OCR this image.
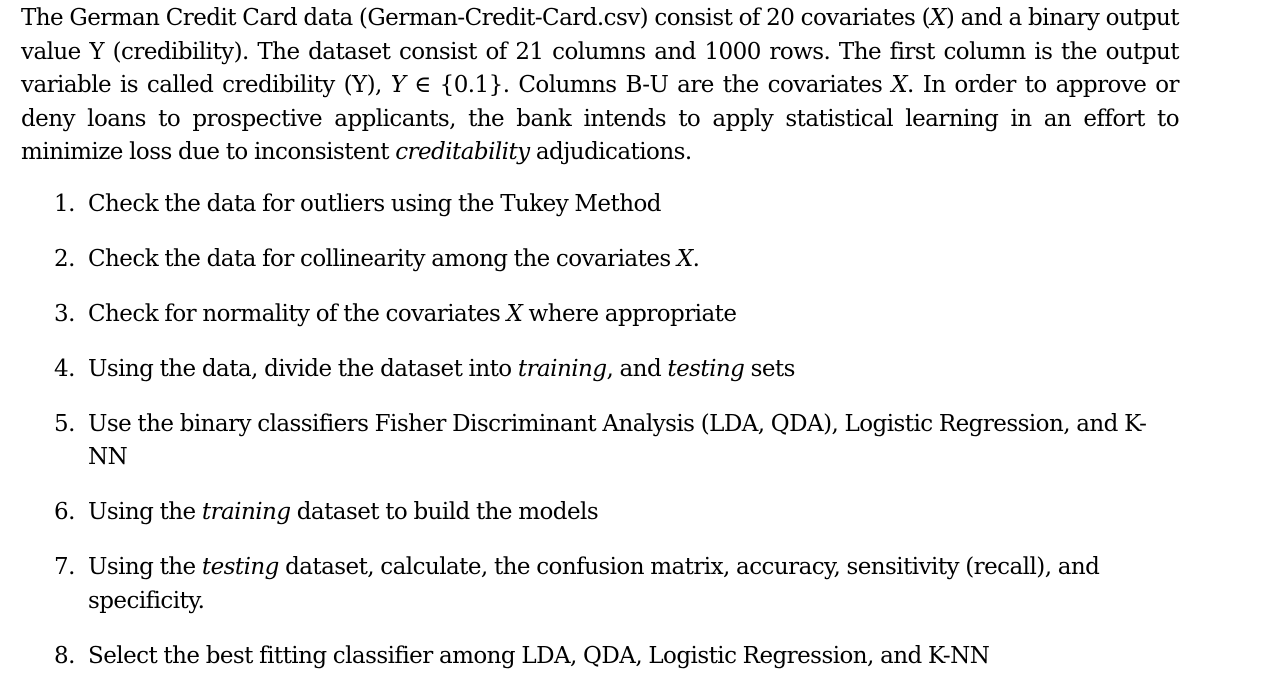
The German Credit Card data (German-Credit-Card.csv) consist of 20 covariates (X) and a binary output value Y (credibility). The dataset consist of 21 columns and 1000 rows. The first column is the output variable is called credibility (Y), Y ∈ {0.1}. Columns B-U are the covariates X. In order to approve or deny loans to prospective applicants, the bank intends to apply statistical learning in an effort to minimize loss due to inconsistent creditability adjudications.

1. Check the data for outliers using the Tukey Method
2. Check the data for collinearity among the covariates X.
3. Check for normality of the covariates X where appropriate
4. Using the data, divide the dataset into training, and testing sets
5. Use the binary classifiers Fisher Discriminant Analysis (LDA, QDA), Logistic Regression, and K-NN
6. Using the training dataset to build the models
7. Using the testing dataset, calculate, the confusion matrix, accuracy, sensitivity (recall), and specificity.
8. Select the best fitting classifier among LDA, QDA, Logistic Regression, and K-NN
